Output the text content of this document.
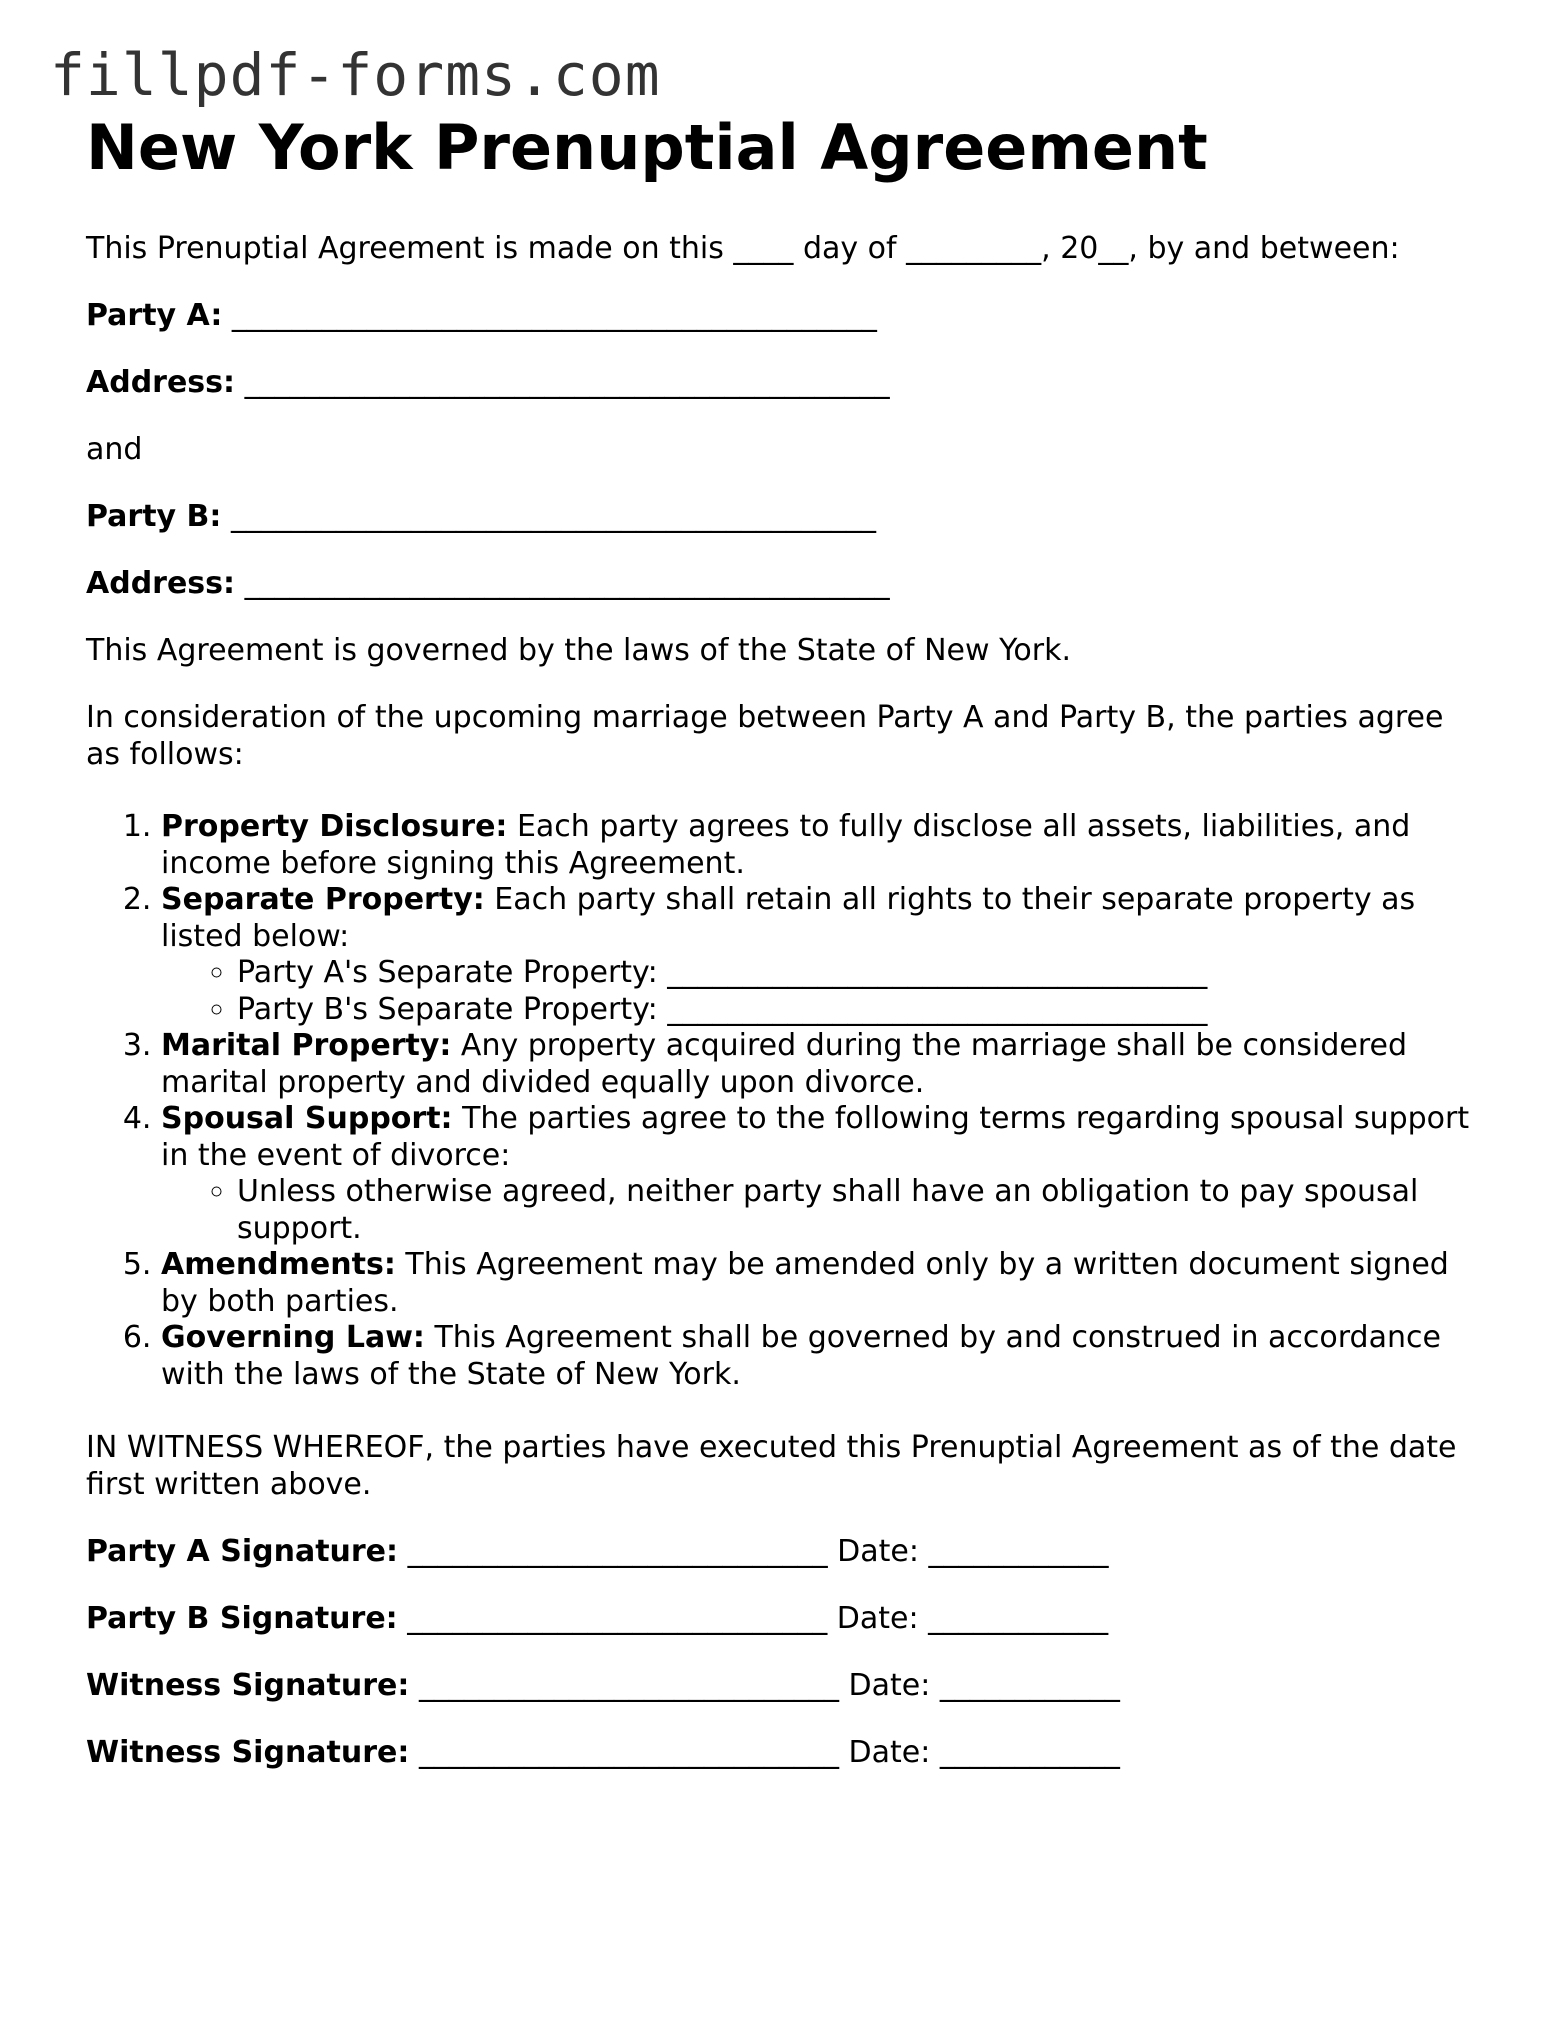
fillpdf-forms.com
New York Prenuptial Agreement

This Prenuptial Agreement is made on this ____ day of _________, 20__, by and between:

Party A: ___________________________________________

Address: ___________________________________________

and

Party B: ___________________________________________

Address: ___________________________________________

This Agreement is governed by the laws of the State of New York.

In consideration of the upcoming marriage between Party A and Party B, the parties agree as follows:

1. Property Disclosure: Each party agrees to fully disclose all assets, liabilities, and income before signing this Agreement.
2. Separate Property: Each party shall retain all rights to their separate property as listed below:
◦ Party A's Separate Property: ____________________________________
◦ Party B's Separate Property: ____________________________________
3. Marital Property: Any property acquired during the marriage shall be considered marital property and divided equally upon divorce.
4. Spousal Support: The parties agree to the following terms regarding spousal support in the event of divorce:
◦ Unless otherwise agreed, neither party shall have an obligation to pay spousal support.
5. Amendments: This Agreement may be amended only by a written document signed by both parties.
6. Governing Law: This Agreement shall be governed by and construed in accordance with the laws of the State of New York.

IN WITNESS WHEREOF, the parties have executed this Prenuptial Agreement as of the date first written above.

Party A Signature: ____________________________ Date: ____________

Party B Signature: ____________________________ Date: ____________

Witness Signature: ____________________________ Date: ____________

Witness Signature: ____________________________ Date: ____________
